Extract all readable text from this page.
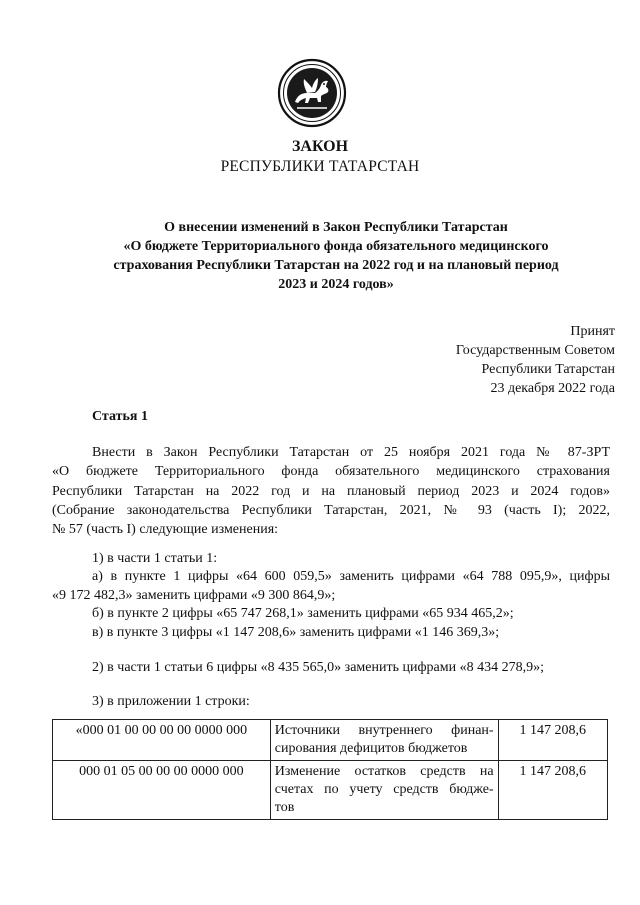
ЗАКОН
РЕСПУБЛИКИ ТАТАРСТАН
О внесении изменений в Закон Республики Татарстан
«О бюджете Территориального фонда обязательного медицинского
страхования Республики Татарстан на 2022 год и на плановый период
2023 и 2024 годов»
Принят
Государственным Советом
Республики Татарстан
23 декабря 2022 года
Статья 1
Внести в Закон Республики Татарстан от 25 ноября 2021 года № 87-ЗРТ
«О бюджете Территориального фонда обязательного медицинского страхования
Республики Татарстан на 2022 год и на плановый период 2023 и 2024 годов»
(Собрание законодательства Республики Татарстан, 2021, № 93 (часть I); 2022,
№ 57 (часть I) следующие изменения:
1) в части 1 статьи 1:
а) в пункте 1 цифры «64 600 059,5» заменить цифрами «64 788 095,9», цифры
«9 172 482,3» заменить цифрами «9 300 864,9»;
б) в пункте 2 цифры «65 747 268,1» заменить цифрами «65 934 465,2»;
в) в пункте 3 цифры «1 147 208,6» заменить цифрами «1 146 369,3»;
2) в части 1 статьи 6 цифры «8 435 565,0» заменить цифрами «8 434 278,9»;
3) в приложении 1 строки:
«000 01 00 00 00 00 0000 000	Источники внутреннего финан-
сирования дефицитов бюджетов	1 147 208,6
000 01 05 00 00 00 0000 000	Изменение остатков средств на
счетах по учету средств бюдже-
тов	1 147 208,6
